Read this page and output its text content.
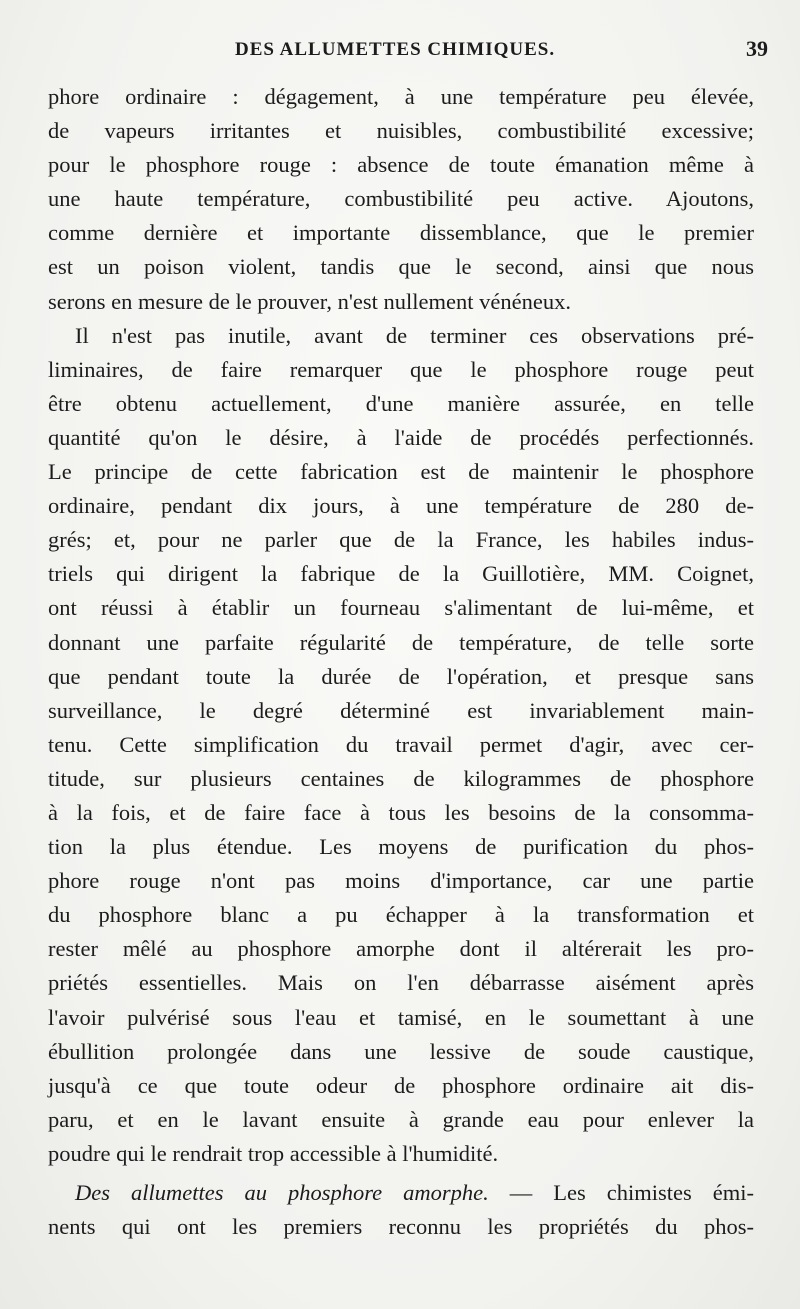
DES ALLUMETTES CHIMIQUES.	39
phore ordinaire : dégagement, à une température peu élevée,
de vapeurs irritantes et nuisibles, combustibilité excessive;
pour le phosphore rouge : absence de toute émanation même à
une haute température, combustibilité peu active. Ajoutons,
comme dernière et importante dissemblance, que le premier
est un poison violent, tandis que le second, ainsi que nous
serons en mesure de le prouver, n'est nullement vénéneux.
Il n'est pas inutile, avant de terminer ces observations pré-
liminaires, de faire remarquer que le phosphore rouge peut
être obtenu actuellement, d'une manière assurée, en telle
quantité qu'on le désire, à l'aide de procédés perfectionnés.
Le principe de cette fabrication est de maintenir le phosphore
ordinaire, pendant dix jours, à une température de 280 de-
grés; et, pour ne parler que de la France, les habiles indus-
triels qui dirigent la fabrique de la Guillotière, MM. Coignet,
ont réussi à établir un fourneau s'alimentant de lui-même, et
donnant une parfaite régularité de température, de telle sorte
que pendant toute la durée de l'opération, et presque sans
surveillance, le degré déterminé est invariablement main-
tenu. Cette simplification du travail permet d'agir, avec cer-
titude, sur plusieurs centaines de kilogrammes de phosphore
à la fois, et de faire face à tous les besoins de la consomma-
tion la plus étendue. Les moyens de purification du phos-
phore rouge n'ont pas moins d'importance, car une partie
du phosphore blanc a pu échapper à la transformation et
rester mêlé au phosphore amorphe dont il altérerait les pro-
priétés essentielles. Mais on l'en débarrasse aisément après
l'avoir pulvérisé sous l'eau et tamisé, en le soumettant à une
ébullition prolongée dans une lessive de soude caustique,
jusqu'à ce que toute odeur de phosphore ordinaire ait dis-
paru, et en le lavant ensuite à grande eau pour enlever la
poudre qui le rendrait trop accessible à l'humidité.
Des allumettes au phosphore amorphe. — Les chimistes émi-
nents qui ont les premiers reconnu les propriétés du phos-
